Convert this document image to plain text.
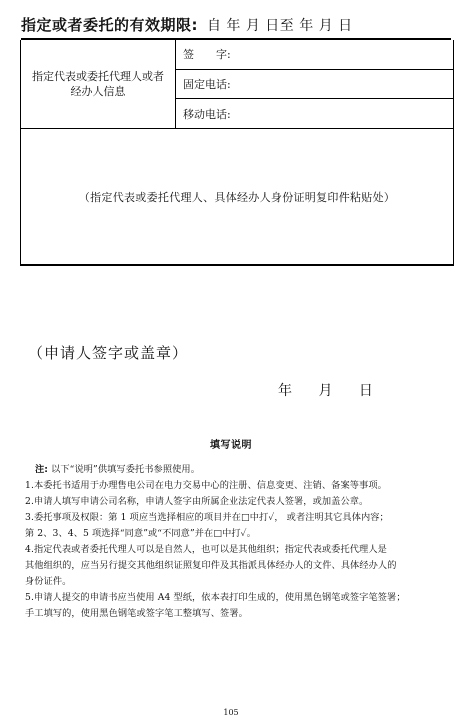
指定或者委托的有效期限: 自 年 月 日至 年 月 日
指定代表或委托代理人或者经办人信息
签　　字:
固定电话:
移动电话:
（指定代表或委托代理人、具体经办人身份证明复印件粘贴处）
（申请人签字或盖章）
年 月 日
填写说明

注: 以下“说明”供填写委托书参照使用。

1.本委托书适用于办理售电公司在电力交易中心的注册、信息变更、注销、备案等事项。

2.申请人填写申请公司名称，申请人签字由所属企业法定代表人签署，或加盖公章。

3.委托事项及权限：第 1 项应当选择相应的项目并在□中打✓， 或者注明其它具体内容；

第 2、3、4、5 项选择“同意”或“不同意”并在□中打✓。

4.指定代表或者委托代理人可以是自然人，也可以是其他组织；指定代表或委托代理人是

其他组织的，应当另行提交其他组织证照复印件及其指派具体经办人的文件、具体经办人的

身份证件。

5.申请人提交的申请书应当使用 A4 型纸，依本表打印生成的，使用黑色钢笔或签字笔签署；

手工填写的，使用黑色钢笔或签字笔工整填写、签署。

105
